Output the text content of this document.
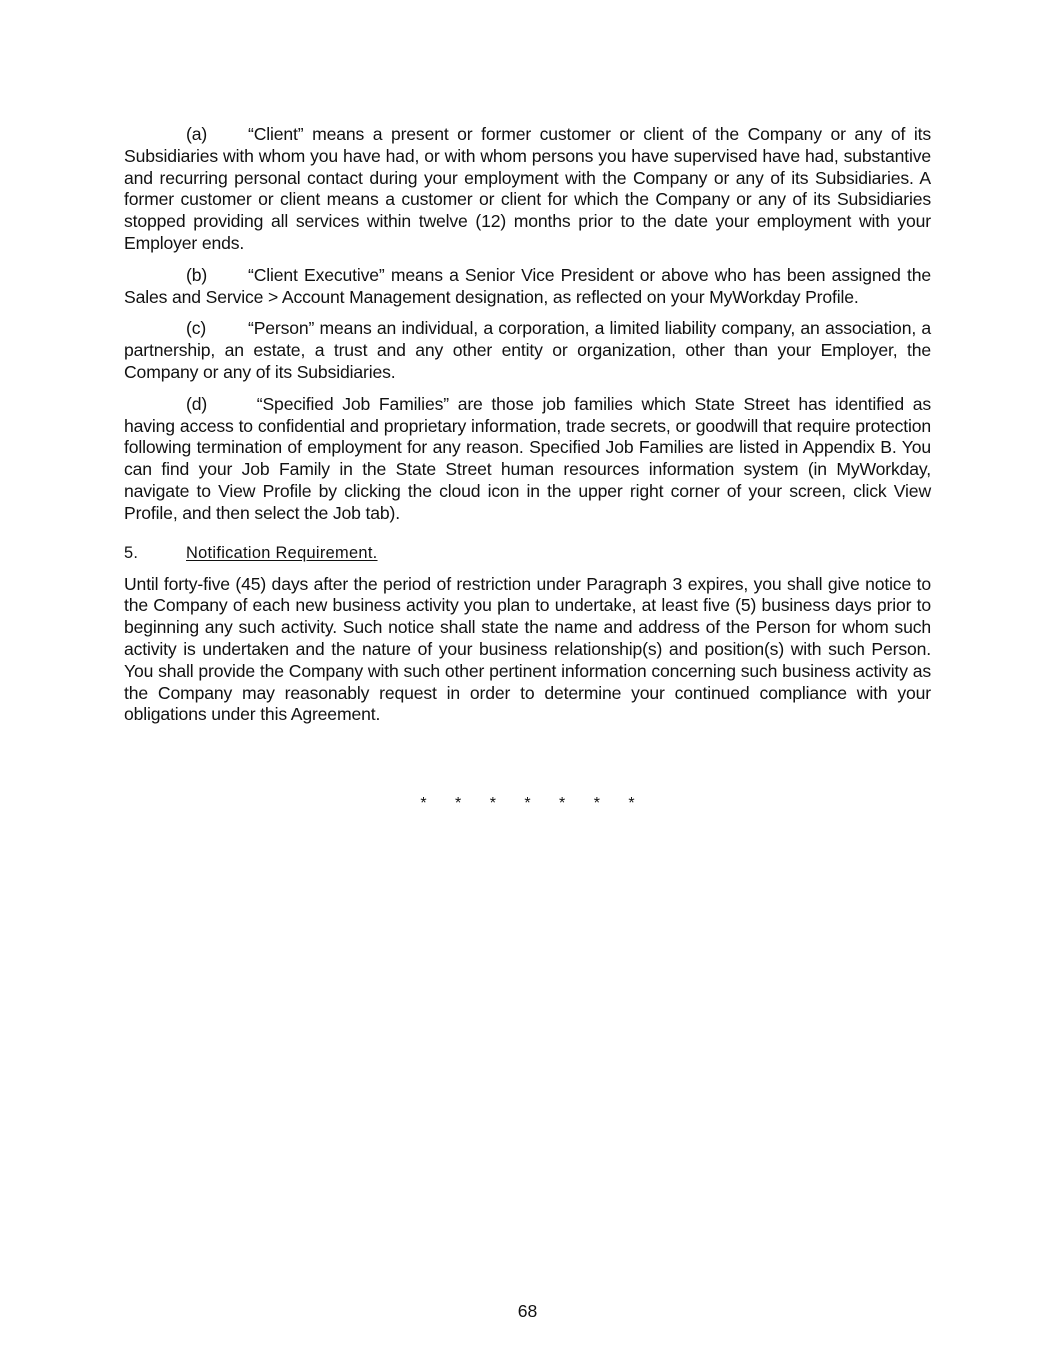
(a) “Client” means a present or former customer or client of the Company or any of its Subsidiaries with whom you have had, or with whom persons you have supervised have had, substantive and recurring personal contact during your employment with the Company or any of its Subsidiaries. A former customer or client means a customer or client for which the Company or any of its Subsidiaries stopped providing all services within twelve (12) months prior to the date your employment with your Employer ends.

(b) “Client Executive” means a Senior Vice President or above who has been assigned the Sales and Service > Account Management designation, as reflected on your MyWorkday Profile.

(c) “Person” means an individual, a corporation, a limited liability company, an association, a partnership, an estate, a trust and any other entity or organization, other than your Employer, the Company or any of its Subsidiaries.

(d) “Specified Job Families” are those job families which State Street has identified as having access to confidential and proprietary information, trade secrets, or goodwill that require protection following termination of employment for any reason. Specified Job Families are listed in Appendix B. You can find your Job Family in the State Street human resources information system (in MyWorkday, navigate to View Profile by clicking the cloud icon in the upper right corner of your screen, click View Profile, and then select the Job tab).

5.	Notification Requirement.

Until forty-five (45) days after the period of restriction under Paragraph 3 expires, you shall give notice to the Company of each new business activity you plan to undertake, at least five (5) business days prior to beginning any such activity. Such notice shall state the name and address of the Person for whom such activity is undertaken and the nature of your business relationship(s) and position(s) with such Person. You shall provide the Company with such other pertinent information concerning such business activity as the Company may reasonably request in order to determine your continued compliance with your obligations under this Agreement.

* * * * * * *
68
